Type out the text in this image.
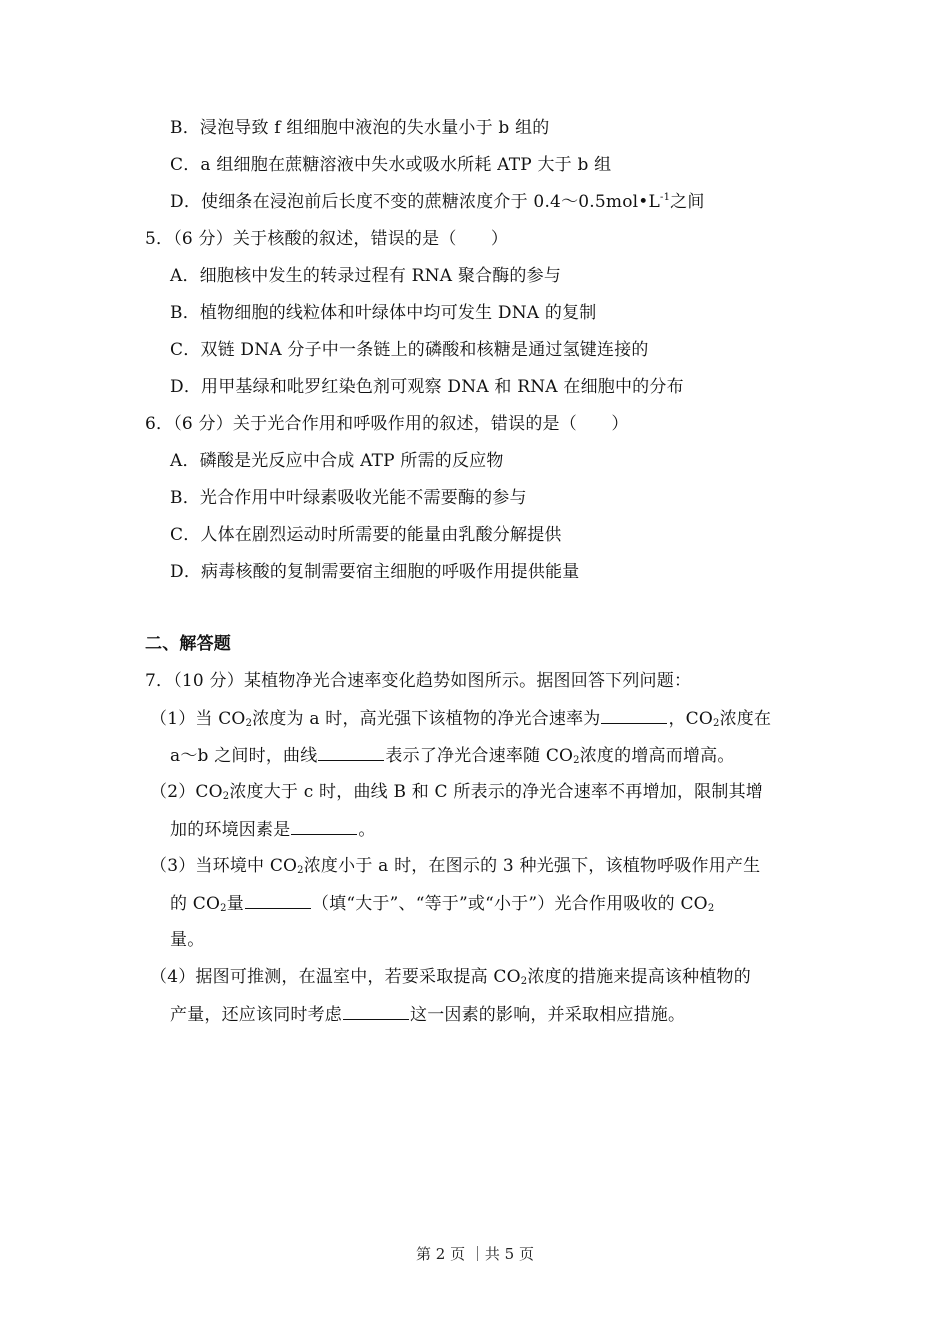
B．浸泡导致 f 组细胞中液泡的失水量小于 b 组的
C．a 组细胞在蔗糖溶液中失水或吸水所耗 ATP 大于 b 组
D．使细条在浸泡前后长度不变的蔗糖浓度介于 $0.4\sim 0.5mol•L^{-1}$之间
5．（6 分）关于核酸的叙述，错误的是（　　）
A．细胞核中发生的转录过程有 RNA 聚合酶的参与
B．植物细胞的线粒体和叶绿体中均可发生 DNA 的复制
C．双链 DNA 分子中一条链上的磷酸和核糖是通过氢键连接的
D．用甲基绿和吡罗红染色剂可观察 DNA 和 RNA 在细胞中的分布
6．（6 分）关于光合作用和呼吸作用的叙述，错误的是（　　）
A．磷酸是光反应中合成 ATP 所需的反应物
B．光合作用中叶绿素吸收光能不需要酶的参与
C．人体在剧烈运动时所需要的能量由乳酸分解提供
D．病毒核酸的复制需要宿主细胞的呼吸作用提供能量
二、解答题
7．（10 分）某植物净光合速率变化趋势如图所示。据图回答下列问题：
（1）当 $CO_2$浓度为 a 时，高光强下该植物的净光合速率为	，$CO_2$浓度在
a～b 之间时，曲线	表示了净光合速率随 $CO_2$浓度的增高而增高。
$(2)CO_2$浓度大于 c 时，曲线 B 和 C 所表示的净光合速率不再增加，限制其增
加的环境因素是	。
（3）当环境中 $CO_2$浓度小于 a 时，在图示的 3 种光强下，该植物呼吸作用产生
的 $CO_2$量	（填“大于”、“等于”或“小于”）光合作用吸收的 $CO_2$
量。
（4）据图可推测，在温室中，若要采取提高 $CO_2$浓度的措施来提高该种植物的
产量，还应该同时考虑	这一因素的影响，并采取相应措施。
第 2 页 ｜共 5 页
